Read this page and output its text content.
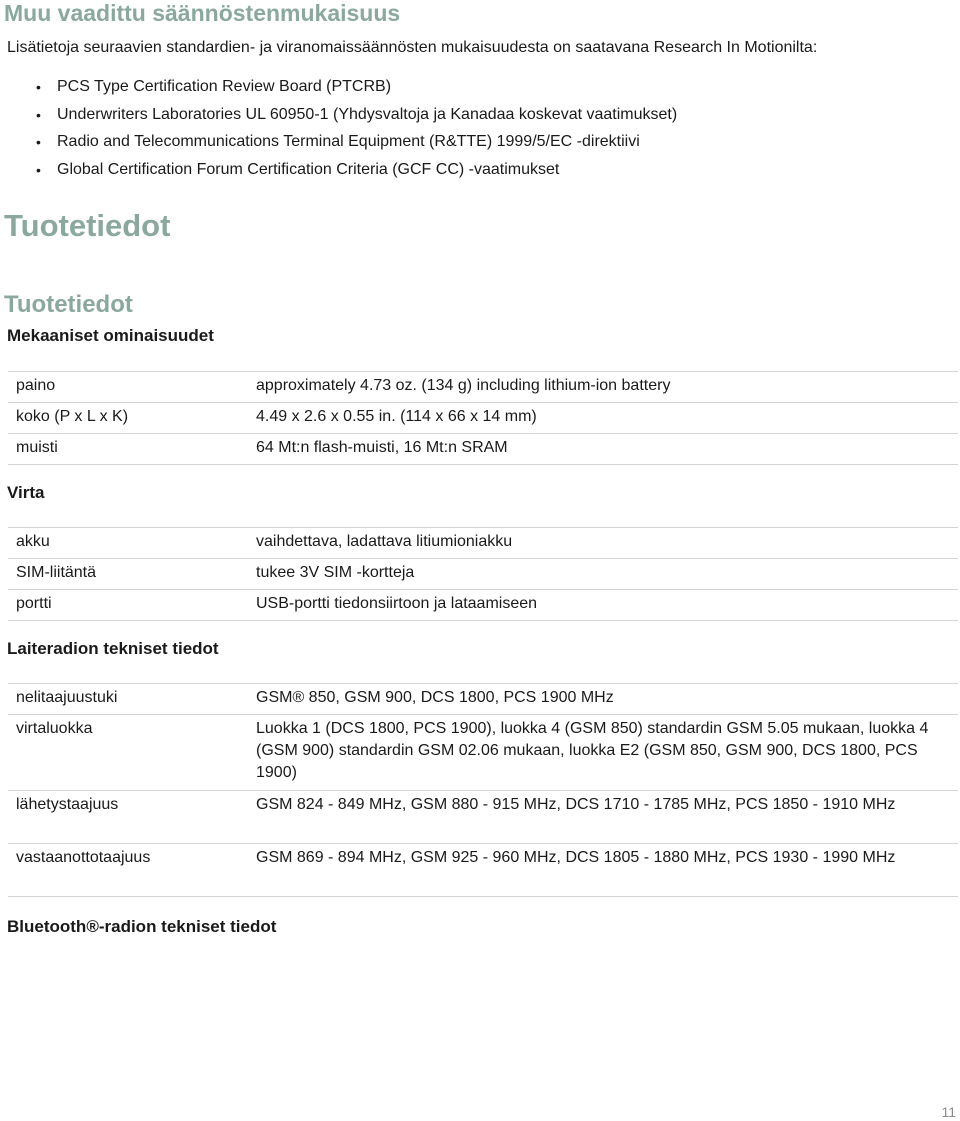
Muu vaadittu säännöstenmukaisuus

Lisätietoja seuraavien standardien- ja viranomaissäännösten mukaisuudesta on saatavana Research In Motionilta:

• PCS Type Certification Review Board (PTCRB)
• Underwriters Laboratories UL 60950-1 (Yhdysvaltoja ja Kanadaa koskevat vaatimukset)
• Radio and Telecommunications Terminal Equipment (R&TTE) 1999/5/EC -direktiivi
• Global Certification Forum Certification Criteria (GCF CC) -vaatimukset
Tuotetiedot
Tuotetiedot
Mekaaniset ominaisuudet
paino	approximately 4.73 oz. (134 g) including lithium-ion battery
koko (P x L x K)	4.49 x 2.6 x 0.55 in. (114 x 66 x 14 mm)
muisti	64 Mt:n flash-muisti, 16 Mt:n SRAM
Virta
akku	vaihdettava, ladattava litiumioniakku
SIM-liitäntä	tukee 3V SIM -kortteja
portti	USB-portti tiedonsiirtoon ja lataamiseen
Laiteradion tekniset tiedot
nelitaajuustuki	GSM® 850, GSM 900, DCS 1800, PCS 1900 MHz
virtaluokka	Luokka 1 (DCS 1800, PCS 1900), luokka 4 (GSM 850) standardin GSM 5.05 mukaan, luokka 4 (GSM 900) standardin GSM 02.06 mukaan, luokka E2 (GSM 850, GSM 900, DCS 1800, PCS 1900)
lähetystaajuus	GSM 824 - 849 MHz, GSM 880 - 915 MHz, DCS 1710 - 1785 MHz, PCS 1850 - 1910 MHz
vastaanottotaajuus	GSM 869 - 894 MHz, GSM 925 - 960 MHz, DCS 1805 - 1880 MHz, PCS 1930 - 1990 MHz
Bluetooth®-radion tekniset tiedot
11
